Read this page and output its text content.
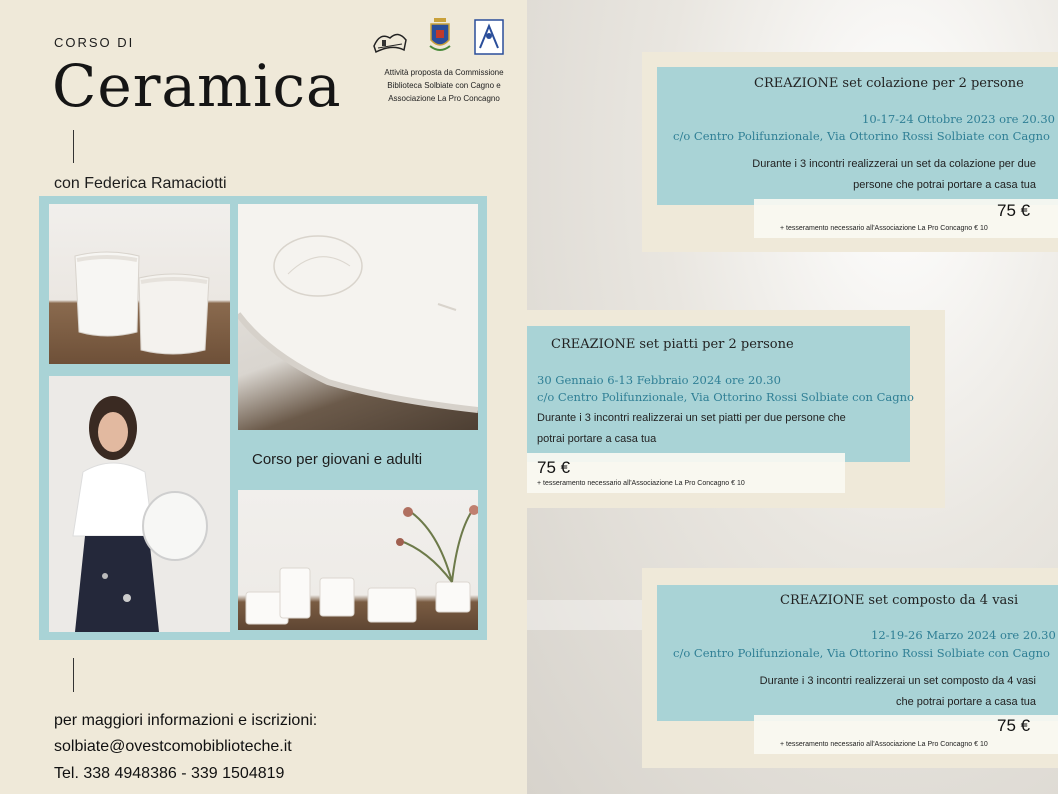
CORSO DI
Ceramica	Attività proposta da Commissione
Biblioteca Solbiate con Cagno e
Associazione La Pro Concagno
con Federica Ramaciotti
Corso per giovani e adulti
per maggiori informazioni e iscrizioni:
solbiate@ovestcomobiblioteche.it
Tel. 338 4948386 - 339 1504819
CREAZIONE set colazione per 2 persone
10-17-24 Ottobre 2023 ore 20.30
c/o Centro Polifunzionale, Via Ottorino Rossi Solbiate con Cagno
Durante i 3 incontri realizzerai un set da colazione per due
persone che potrai portare a casa tua
75 €
+ tesseramento necessario all'Associazione La Pro Concagno € 10
CREAZIONE set piatti per 2 persone
30 Gennaio 6-13 Febbraio 2024 ore 20.30
c/o Centro Polifunzionale, Via Ottorino Rossi Solbiate con Cagno
Durante i 3 incontri realizzerai un set piatti per due persone che
potrai portare a casa tua
75 €
+ tesseramento necessario all'Associazione La Pro Concagno € 10
CREAZIONE set composto da 4 vasi
12-19-26 Marzo 2024 ore 20.30
c/o Centro Polifunzionale, Via Ottorino Rossi Solbiate con Cagno
Durante i 3 incontri realizzerai un set composto da 4 vasi
che potrai portare a casa tua
75 €
+ tesseramento necessario all'Associazione La Pro Concagno € 10
